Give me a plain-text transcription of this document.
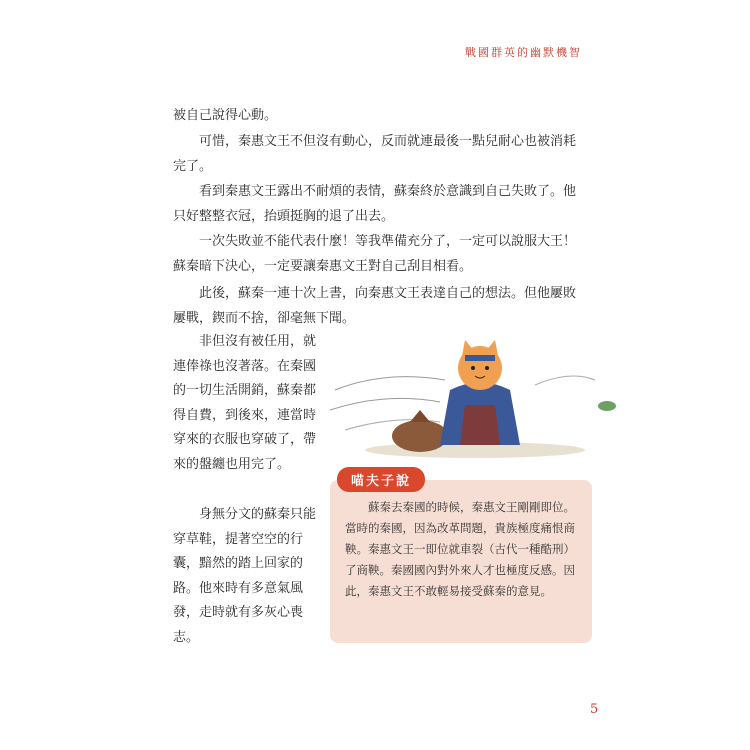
戰國群英的幽默機智

被自己說得心動。

　　可惜，秦惠文王不但沒有動心，反而就連最後一點兒耐心也被消耗完了。

　　看到秦惠文王露出不耐煩的表情，蘇秦終於意識到自己失敗了。他只好整整衣冠，抬頭挺胸的退了出去。

　　一次失敗並不能代表什麼！等我準備充分了，一定可以說服大王！蘇秦暗下決心，一定要讓秦惠文王對自己刮目相看。

　　此後，蘇秦一連十次上書，向秦惠文王表達自己的想法。但他屢敗屢戰，鍥而不捨，卻毫無下聞。

　　非但沒有被任用，就連俸祿也沒著落。在秦國的一切生活開銷，蘇秦都得自費，到後來，連當時穿來的衣服也穿破了，帶來的盤纏也用完了。

　　身無分文的蘇秦只能穿草鞋，提著空空的行囊，黯然的踏上回家的路。他來時有多意氣風發，走時就有多灰心喪志。

喵夫子說

蘇秦去秦國的時候，秦惠文王剛剛即位。當時的秦國，因為改革問題，貴族極度痛恨商鞅。秦惠文王一即位就車裂（古代一種酷刑）了商鞅。秦國國內對外來人才也極度反感。因此，秦惠文王不敢輕易接受蘇秦的意見。

5
